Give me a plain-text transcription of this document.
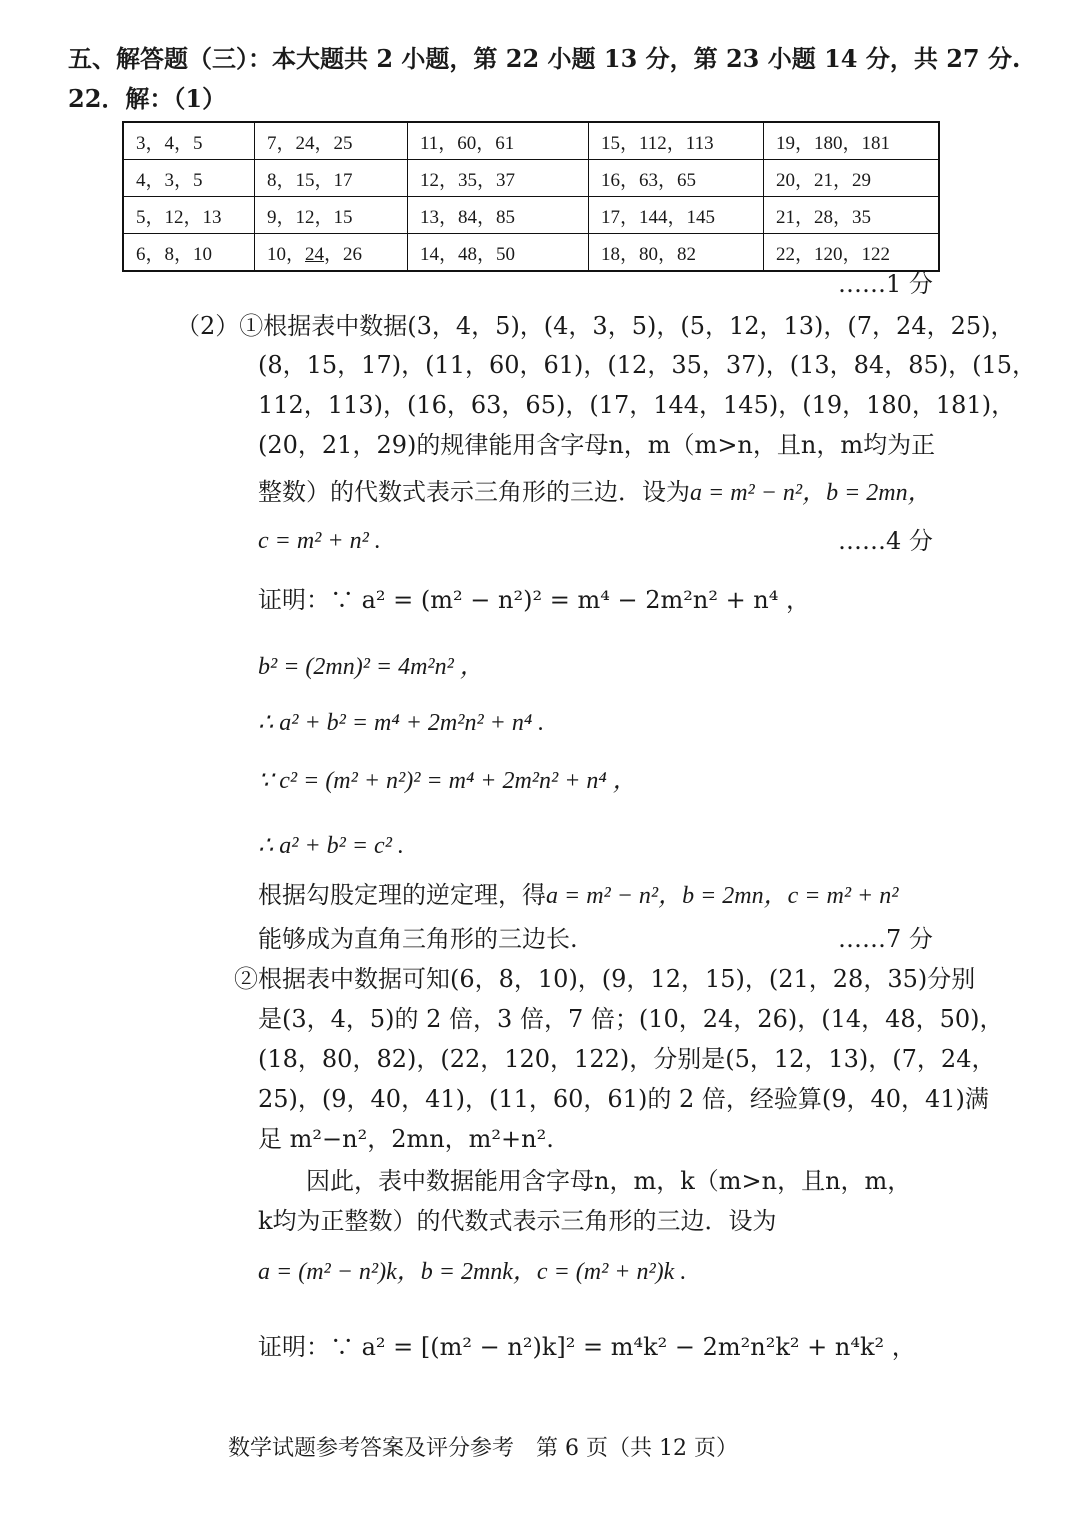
五、解答题（三）：本大题共 2 小题，第 22 小题 13 分，第 23 小题 14 分，共 27 分.
22．解：（1）
3，4，5	7，24，25	11，60，61	15，112，113	19，180，181
4，3，5	8，15，17	12，35，37	16，63，65	20，21，29
5，12，13	9，12，15	13，84，85	17，144，145	21，28，35
6，8，10	10，24，26	14，48，50	18，80，82	22，120，122
……1 分
（2）①根据表中数据(3，4，5)，(4，3，5)，(5，12，13)，(7，24，25)，
(8，15，17)，(11，60，61)，(12，35，37)，(13，84，85)，(15，
112，113)，(16，63，65)，(17，144，145)，(19，180，181)，
(20，21，29)的规律能用含字母n，m（m>n，且n，m均为正
整数）的代数式表示三角形的三边．设为a = m² − n²，b = 2mn，
c = m² + n² .	……4 分
证明：∵ a² = (m² − n²)² = m⁴ − 2m²n² + n⁴ ，
b² = (2mn)² = 4m²n² ，
∴ a² + b² = m⁴ + 2m²n² + n⁴ .
∵ c² = (m² + n²)² = m⁴ + 2m²n² + n⁴ ，
∴ a² + b² = c² .
根据勾股定理的逆定理，得a = m² − n²，b = 2mn，c = m² + n²
能够成为直角三角形的三边长.	……7 分
②根据表中数据可知(6，8，10)，(9，12，15)，(21，28，35)分别
是(3，4，5)的 2 倍，3 倍，7 倍；(10，24，26)，(14，48，50)，
(18，80，82)，(22，120，122)，分别是(5，12，13)，(7，24，
25)，(9，40，41)，(11，60，61)的 2 倍，经验算(9，40，41)满
足 m²−n²，2mn，m²+n².
因此，表中数据能用含字母n，m，k（m>n，且n，m，
k均为正整数）的代数式表示三角形的三边．设为
a = (m² − n²)k，b = 2mnk，c = (m² + n²)k .
证明：∵ a² = [(m² − n²)k]² = m⁴k² − 2m²n²k² + n⁴k² ，
数学试题参考答案及评分参考　第 6 页（共 12 页）
